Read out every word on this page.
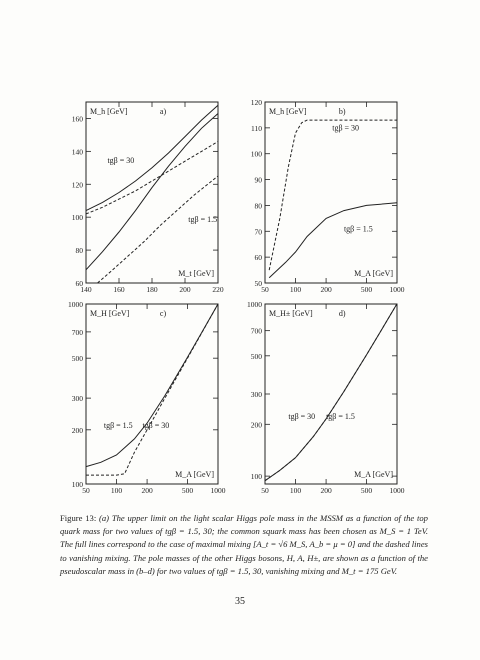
140	160	180	200	220
60
80
100
120
140
160
M_h [GeV]	a)
M_t [GeV]
tgβ = 30
tgβ = 1.5
50	100	200	500 1000
50
60
70
80
90
100
110
120
M_h [GeV]	b)
M_A [GeV]
tgβ = 30
tgβ = 1.5
50	100	200	500 1000
100
200
300
500
700
1000
M_H [GeV]	c)
M_A [GeV]
tgβ = 1.5 tgβ = 30
50	100	200	500 1000
100
200
300
500
700
1000
M_H± [GeV]	d)
M_A [GeV]
tgβ = 30 tgβ = 1.5

Figure 13: (a) The upper limit on the light scalar Higgs pole mass in the MSSM as a function of the top quark mass for two values of tgβ = 1.5, 30; the common squark mass has been chosen as M_S = 1 TeV. The full lines correspond to the case of maximal mixing [A_t = √6 M_S, A_b = μ = 0] and the dashed lines to vanishing mixing. The pole masses of the other Higgs bosons, H, A, H±, are shown as a function of the pseudoscalar mass in (b–d) for two values of tgβ = 1.5, 30, vanishing mixing and M_t = 175 GeV.

35
